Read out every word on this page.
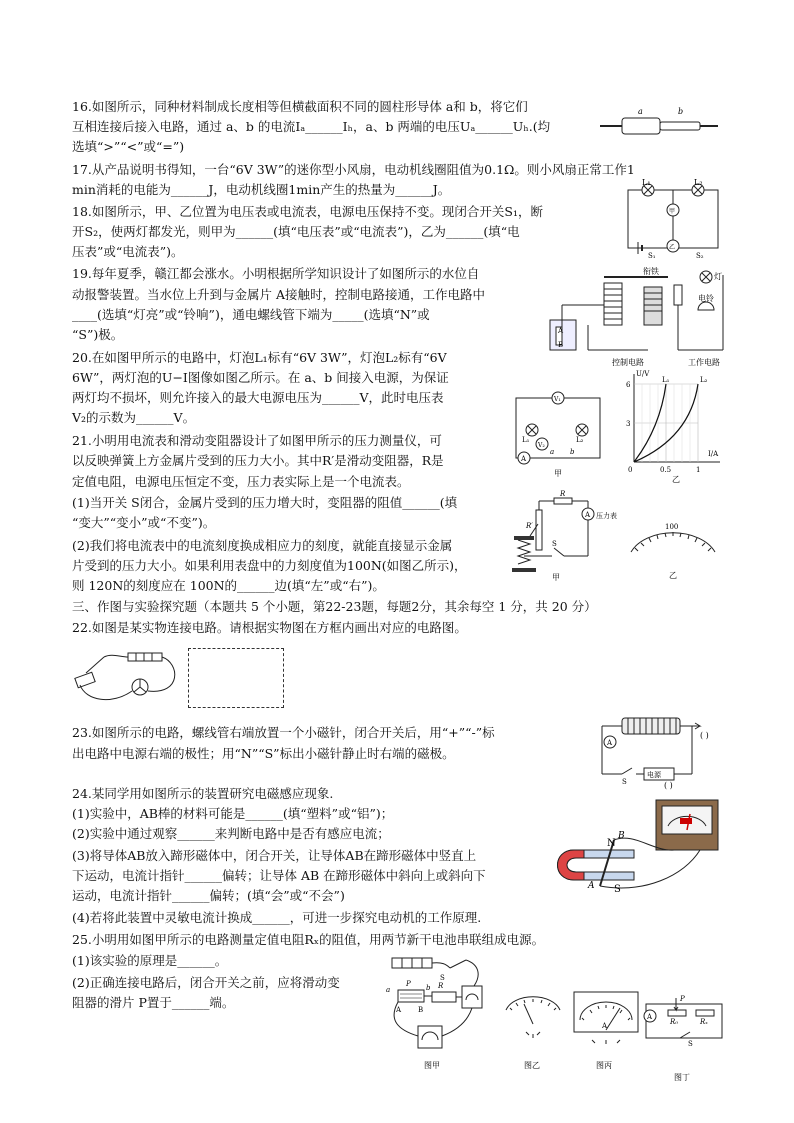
16.如图所示，同种材料制成长度相等但横截面积不同的圆柱形导体 a和 b，将它们
互相连接后接入电路，通过 a、b 的电流Iₐ______Iₕ，a、b 两端的电压Uₐ______Uₕ.(均
选填“>”“<”或“=”)
a	b
17.从产品说明书得知，一台“6V 3W”的迷你型小风扇，电动机线圈阻值为0.1Ω。则小风扇正常工作1
min消耗的电能为______J，电动机线圈1min产生的热量为______J。
18.如图所示，甲、乙位置为电压表或电流表，电源电压保持不变。现闭合开关S₁，断
开S₂，使两灯都发光，则甲为______(填“电压表”或“电流表”)，乙为______(填“电
压表”或“电流表”)。
L₁	L₂
甲
乙
S₁	S₂
19.每年夏季，赣江都会涨水。小明根据所学知识设计了如图所示的水位自
动报警装置。当水位上升到与金属片 A接触时，控制电路接通，工作电路中
____(选填“灯亮”或“铃响”)，通电螺线管下端为_____(选填“N”或
“S”)极。
衔铁
灯
电铃
A
B
控制电路	工作电路
20.在如图甲所示的电路中，灯泡L₁标有“6V 3W”，灯泡L₂标有“6V
6W”，两灯泡的U−I图像如图乙所示。在 a、b 间接入电源，为保证
两灯均不损坏，则允许接入的最大电源电压为______V，此时电压表
V₂的示数为______V。
V₁
V₂
A
L₁	L₂
a b
甲
U/V
I/A
6
3
0	0.5	1
L₁	L₂
乙
21.小明用电流表和滑动变阻器设计了如图甲所示的压力测量仪，可
以反映弹簧上方金属片受到的压力大小。其中R′是滑动变阻器，R是
定值电阻，电源电压恒定不变，压力表实际上是一个电流表。
(1)当开关 S闭合，金属片受到的压力增大时，变阻器的阻值______(填
“变大”“变小”或“不变”)。
(2)我们将电流表中的电流刻度换成相应力的刻度，就能直接显示金属
片受到的压力大小。如果利用表盘中的力刻度值为100N(如图乙所示)，
则 120N的刻度应在 100N的______边(填“左”或“右”)。
R
R′
A 压力表
S
甲
100
乙
三、作图与实验探究题（本题共 5 个小题，第22-23题，每题2分，其余每空 1 分，共 20 分）
22.如图是某实物连接电路。请根据实物图在方框内画出对应的电路图。
23.如图所示的电路，螺线管右端放置一个小磁针，闭合开关后，用“+”“-”标
出电路中电源右端的极性；用“N”“S”标出小磁针静止时右端的磁极。
A
S
电源
( )
( )
24.某同学用如图所示的装置研究电磁感应现象.
(1)实验中，AB棒的材料可能是______(填“塑料”或“铝”)；
(2)实验中通过观察______来判断电路中是否有感应电流；
(3)将导体AB放入蹄形磁体中，闭合开关，让导体AB在蹄形磁体中竖直上
下运动，电流计指针______偏转；让导体 AB 在蹄形磁体中斜向上或斜向下
运动，电流计指针______偏转；(填“会”或“不会”)
(4)若将此装置中灵敏电流计换成______，可进一步探究电动机的工作原理.
N
B
S
A
25.小明用如图甲所示的电路测量定值电阻Rₓ的阻值，用两节新干电池串联组成电源。
(1)该实验的原理是______。
(2)正确连接电路后，闭合开关之前，应将滑动变
阻器的滑片 P置于______端。
S
R
P
a	b
A B
图甲	图乙
A
图丙
A
P
R₀	Rₓ
S
图丁
